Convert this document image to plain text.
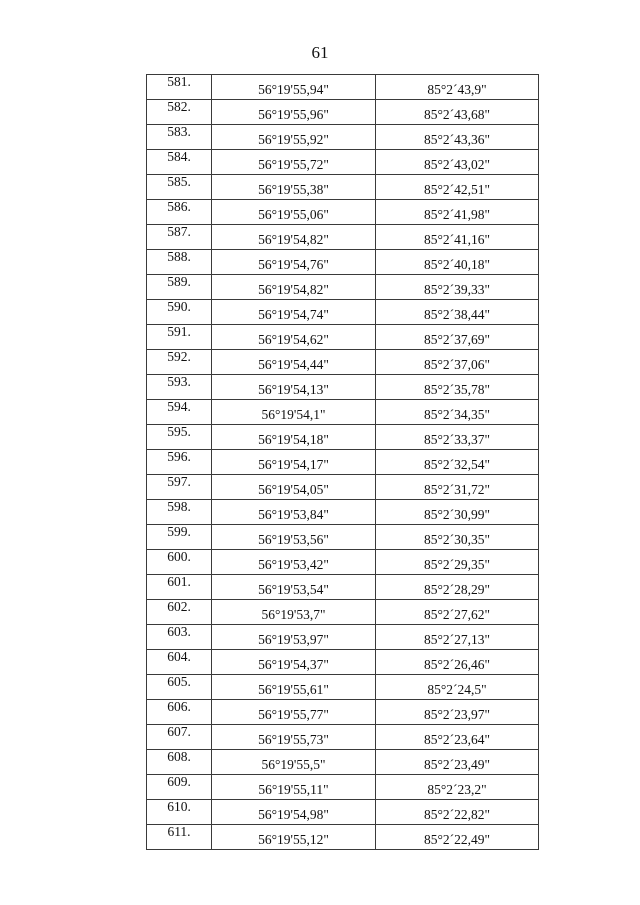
61
581.	56°19'55,94"	85°2´43,9"
582.	56°19'55,96"	85°2´43,68"
583.	56°19'55,92"	85°2´43,36"
584.	56°19'55,72"	85°2´43,02"
585.	56°19'55,38"	85°2´42,51"
586.	56°19'55,06"	85°2´41,98"
587.	56°19'54,82"	85°2´41,16"
588.	56°19'54,76"	85°2´40,18"
589.	56°19'54,82"	85°2´39,33"
590.	56°19'54,74"	85°2´38,44"
591.	56°19'54,62"	85°2´37,69"
592.	56°19'54,44"	85°2´37,06"
593.	56°19'54,13"	85°2´35,78"
594.	56°19'54,1"	85°2´34,35"
595.	56°19'54,18"	85°2´33,37"
596.	56°19'54,17"	85°2´32,54"
597.	56°19'54,05"	85°2´31,72"
598.	56°19'53,84"	85°2´30,99"
599.	56°19'53,56"	85°2´30,35"
600.	56°19'53,42"	85°2´29,35"
601.	56°19'53,54"	85°2´28,29"
602.	56°19'53,7"	85°2´27,62"
603.	56°19'53,97"	85°2´27,13"
604.	56°19'54,37"	85°2´26,46"
605.	56°19'55,61"	85°2´24,5"
606.	56°19'55,77"	85°2´23,97"
607.	56°19'55,73"	85°2´23,64"
608.	56°19'55,5"	85°2´23,49"
609.	56°19'55,11"	85°2´23,2"
610.	56°19'54,98"	85°2´22,82"
611.	56°19'55,12"	85°2´22,49"
